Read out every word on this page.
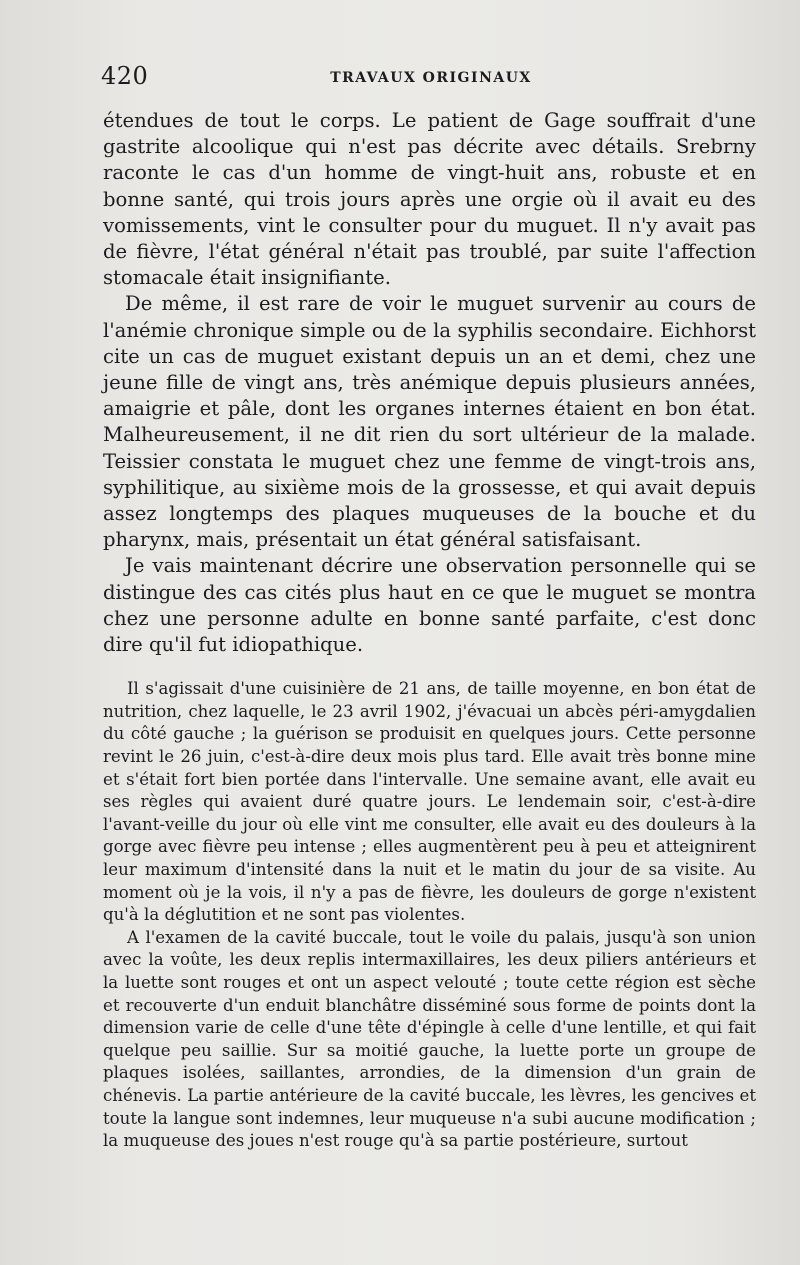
420	TRAVAUX ORIGINAUX

étendues de tout le corps. Le patient de Gage souffrait d'une gastrite alcoolique qui n'est pas décrite avec détails. Srebrny raconte le cas d'un homme de vingt-huit ans, robuste et en bonne santé, qui trois jours après une orgie où il avait eu des vomissements, vint le consulter pour du muguet. Il n'y avait pas de fièvre, l'état général n'était pas troublé, par suite l'affection stomacale était insignifiante.

De même, il est rare de voir le muguet survenir au cours de l'anémie chronique simple ou de la syphilis secondaire. Eichhorst cite un cas de muguet existant depuis un an et demi, chez une jeune fille de vingt ans, très anémique depuis plusieurs années, amaigrie et pâle, dont les organes internes étaient en bon état. Malheureusement, il ne dit rien du sort ultérieur de la malade. Teissier constata le muguet chez une femme de vingt-trois ans, syphilitique, au sixième mois de la grossesse, et qui avait depuis assez longtemps des plaques muqueuses de la bouche et du pharynx, mais, présentait un état général satisfaisant.

Je vais maintenant décrire une observation personnelle qui se distingue des cas cités plus haut en ce que le muguet se montra chez une personne adulte en bonne santé parfaite, c'est donc dire qu'il fut idiopathique.

Il s'agissait d'une cuisinière de 21 ans, de taille moyenne, en bon état de nutrition, chez laquelle, le 23 avril 1902, j'évacuai un abcès péri-amygdalien du côté gauche ; la guérison se produisit en quelques jours. Cette personne revint le 26 juin, c'est-à-dire deux mois plus tard. Elle avait très bonne mine et s'était fort bien portée dans l'intervalle. Une semaine avant, elle avait eu ses règles qui avaient duré quatre jours. Le lendemain soir, c'est-à-dire l'avant-veille du jour où elle vint me consulter, elle avait eu des douleurs à la gorge avec fièvre peu intense ; elles augmentèrent peu à peu et atteignirent leur maximum d'intensité dans la nuit et le matin du jour de sa visite. Au moment où je la vois, il n'y a pas de fièvre, les douleurs de gorge n'existent qu'à la déglutition et ne sont pas violentes.

A l'examen de la cavité buccale, tout le voile du palais, jusqu'à son union avec la voûte, les deux replis intermaxillaires, les deux piliers antérieurs et la luette sont rouges et ont un aspect velouté ; toute cette région est sèche et recouverte d'un enduit blanchâtre disséminé sous forme de points dont la dimension varie de celle d'une tête d'épingle à celle d'une lentille, et qui fait quelque peu saillie. Sur sa moitié gauche, la luette porte un groupe de plaques isolées, saillantes, arrondies, de la dimension d'un grain de chénevis. La partie antérieure de la cavité buccale, les lèvres, les gencives et toute la langue sont indemnes, leur muqueuse n'a subi aucune modification ; la muqueuse des joues n'est rouge qu'à sa partie postérieure, surtout
